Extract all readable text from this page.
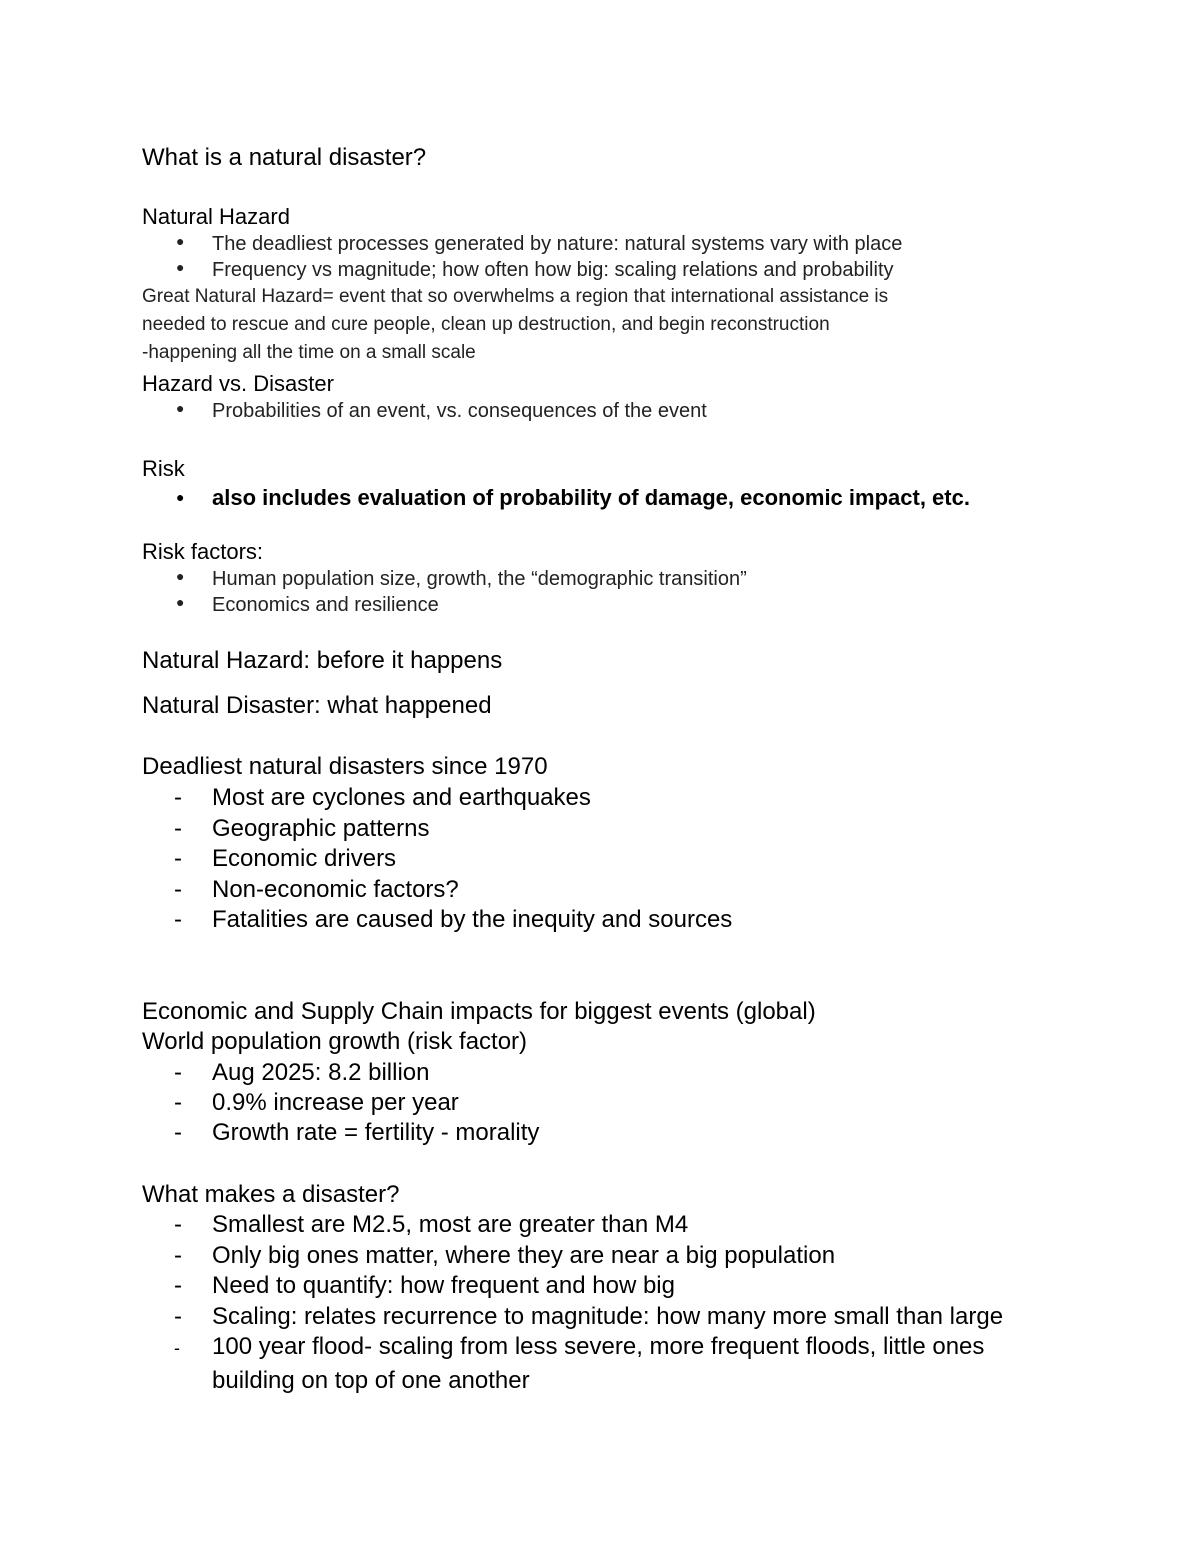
What is a natural disaster?

Natural Hazard

● The deadliest processes generated by nature: natural systems vary with place
● Frequency vs magnitude; how often how big: scaling relations and probability

Great Natural Hazard= event that so overwhelms a region that international assistance is

needed to rescue and cure people, clean up destruction, and begin reconstruction

-happening all the time on a small scale

Hazard vs. Disaster

● Probabilities of an event, vs. consequences of the event

Risk

● also includes evaluation of probability of damage, economic impact, etc.

Risk factors:

● Human population size, growth, the “demographic transition”
● Economics and resilience

Natural Hazard: before it happens

Natural Disaster: what happened

Deadliest natural disasters since 1970

- Most are cyclones and earthquakes
- Geographic patterns
- Economic drivers
- Non-economic factors?
- Fatalities are caused by the inequity and sources

Economic and Supply Chain impacts for biggest events (global)

World population growth (risk factor)

- Aug 2025: 8.2 billion
- 0.9% increase per year
- Growth rate = fertility - morality

What makes a disaster?

- Smallest are M2.5, most are greater than M4
- Only big ones matter, where they are near a big population
- Need to quantify: how frequent and how big
- Scaling: relates recurrence to magnitude: how many more small than large
- 100 year flood- scaling from less severe, more frequent floods, little ones
building on top of one another
